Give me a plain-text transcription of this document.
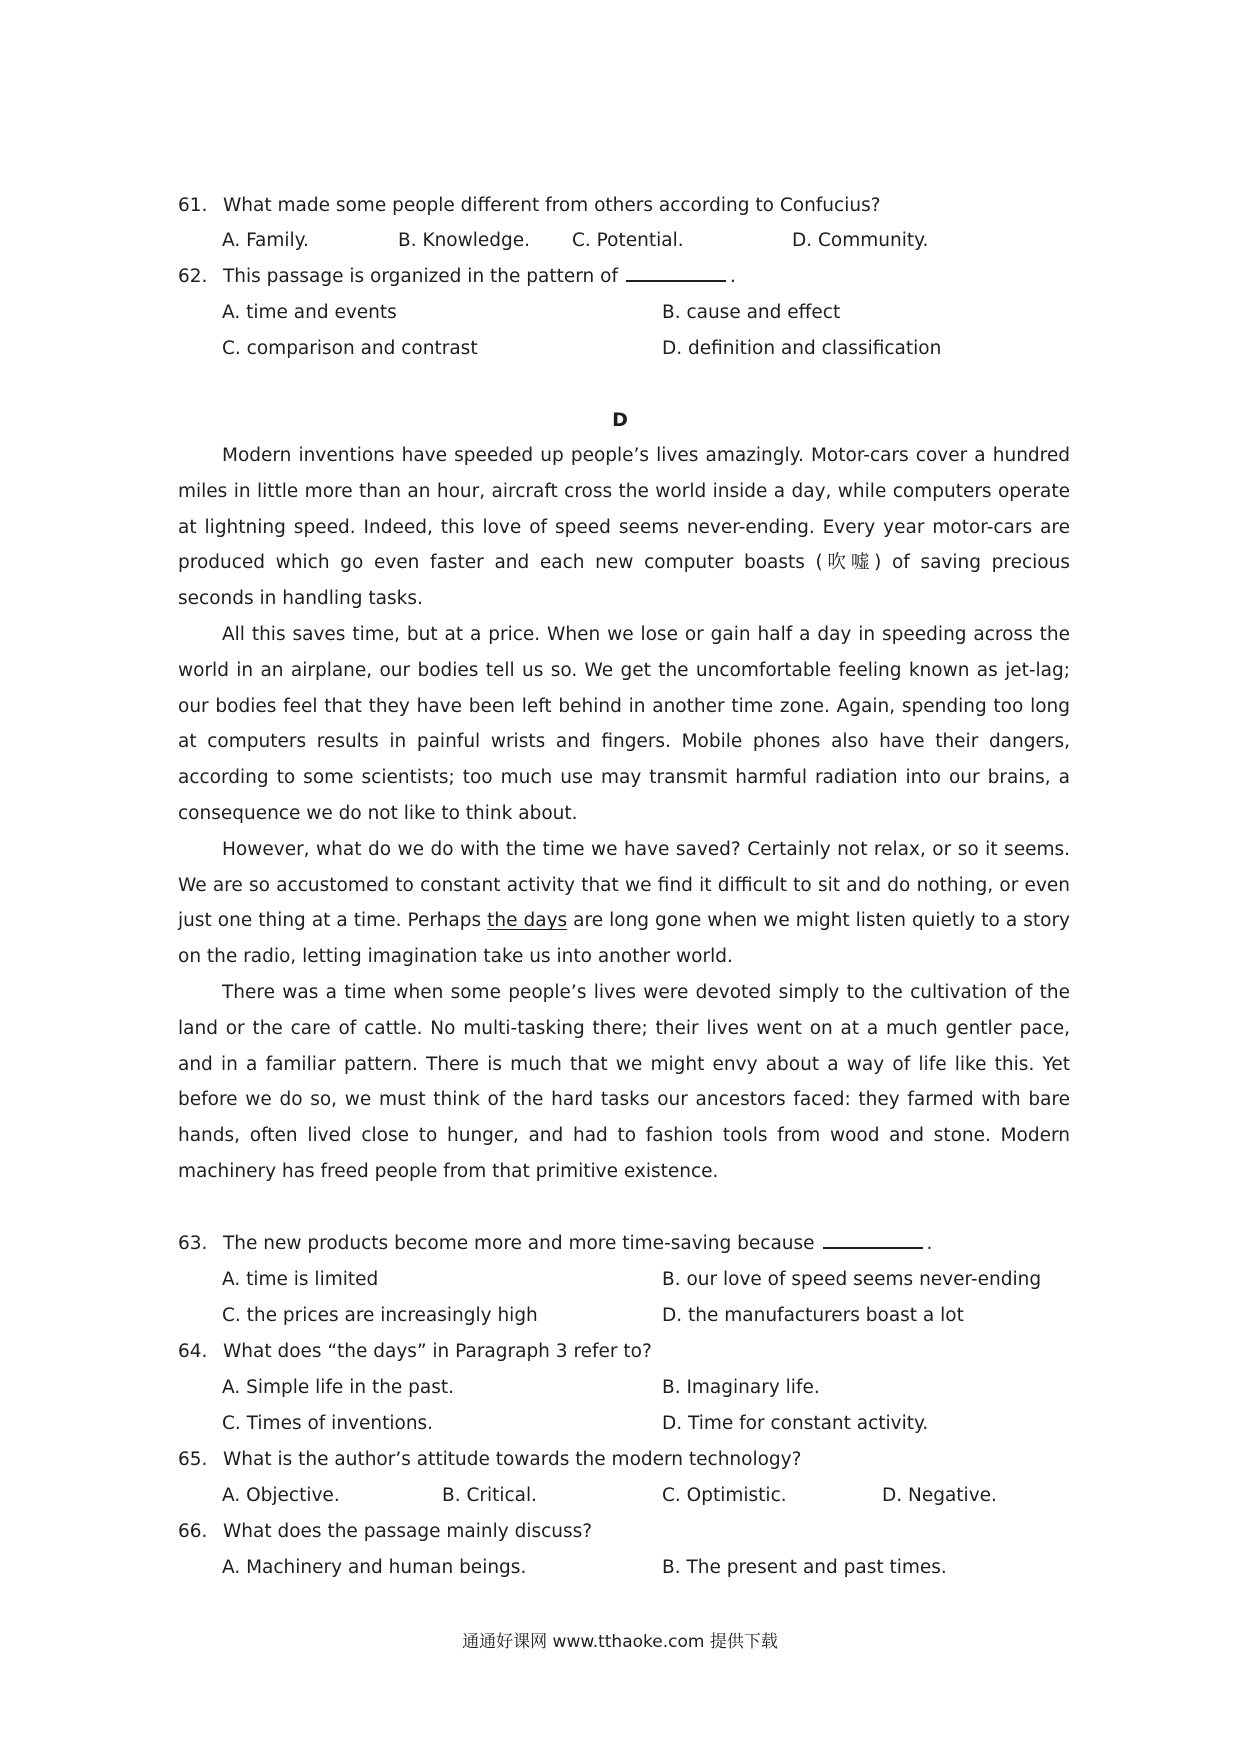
61. What made some people different from others according to Confucius?
A. Family.	B. Knowledge. C. Potential.	D. Community.
62. This passage is organized in the pattern of	.
A. time and events	B. cause and effect
C. comparison and contrast	D. definition and classification
D

Modern inventions have speeded up people’s lives amazingly. Motor-cars cover a hundred miles in little more than an hour, aircraft cross the world inside a day, while computers operate at lightning speed. Indeed, this love of speed seems never-ending. Every year motor-cars are produced which go even faster and each new computer boasts (吹嘘) of saving precious seconds in handling tasks.

All this saves time, but at a price. When we lose or gain half a day in speeding across the world in an airplane, our bodies tell us so. We get the uncomfortable feeling known as jet-lag; our bodies feel that they have been left behind in another time zone. Again, spending too long at computers results in painful wrists and fingers. Mobile phones also have their dangers, according to some scientists; too much use may transmit harmful radiation into our brains, a consequence we do not like to think about.

However, what do we do with the time we have saved? Certainly not relax, or so it seems. We are so accustomed to constant activity that we find it difficult to sit and do nothing, or even just one thing at a time. Perhaps the days are long gone when we might listen quietly to a story on the radio, letting imagination take us into another world.

There was a time when some people’s lives were devoted simply to the cultivation of the land or the care of cattle. No multi-tasking there; their lives went on at a much gentler pace, and in a familiar pattern. There is much that we might envy about a way of life like this. Yet before we do so, we must think of the hard tasks our ancestors faced: they farmed with bare hands, often lived close to hunger, and had to fashion tools from wood and stone. Modern machinery has freed people from that primitive existence.

63. The new products become more and more time-saving because	.
A. time is limited	B. our love of speed seems never-ending
C. the prices are increasingly high	D. the manufacturers boast a lot
64. What does “the days” in Paragraph 3 refer to?
A. Simple life in the past.	B. Imaginary life.
C. Times of inventions.	D. Time for constant activity.
65. What is the author’s attitude towards the modern technology?
A. Objective.	B. Critical.	C. Optimistic.	D. Negative.
66. What does the passage mainly discuss?
A. Machinery and human beings.	B. The present and past times.
通通好课网 www.tthaoke.com 提供下载
